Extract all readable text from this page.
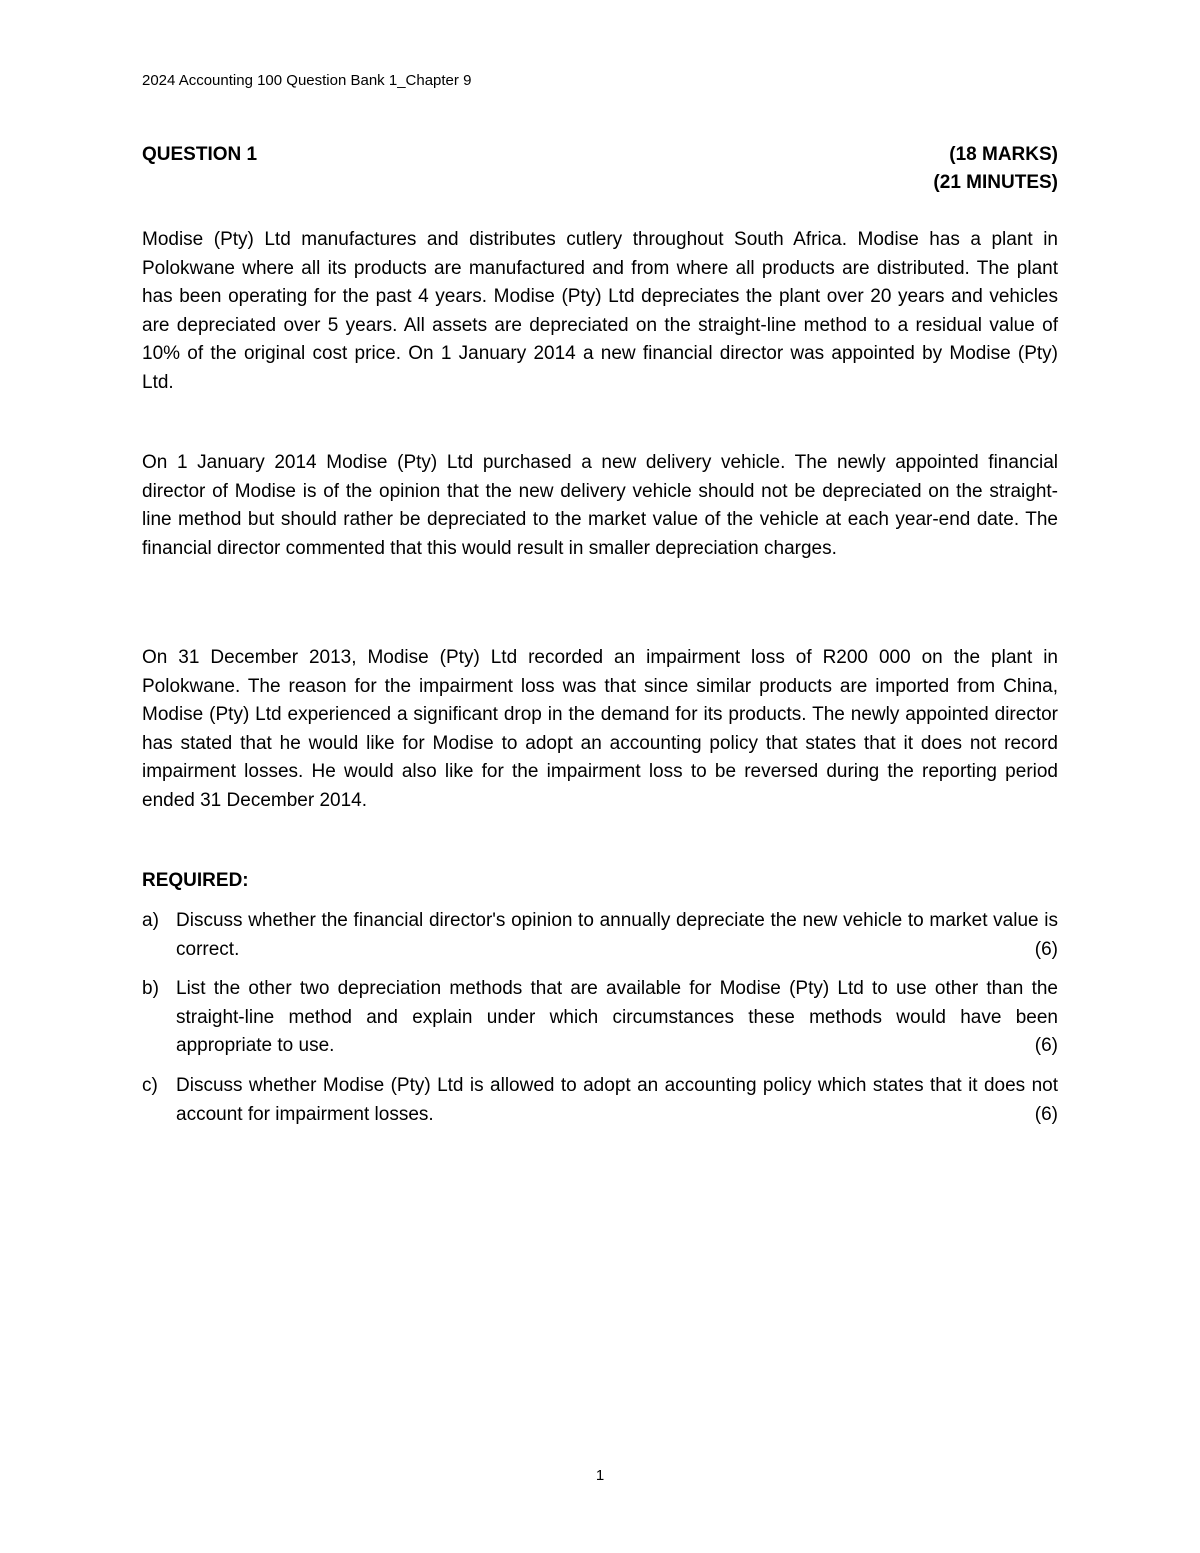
2024 Accounting 100 Question Bank 1_Chapter 9
QUESTION 1	(18 MARKS)
(21 MINUTES)

Modise (Pty) Ltd manufactures and distributes cutlery throughout South Africa. Modise has a plant in Polokwane where all its products are manufactured and from where all products are distributed. The plant has been operating for the past 4 years. Modise (Pty) Ltd depreciates the plant over 20 years and vehicles are depreciated over 5 years. All assets are depreciated on the straight-line method to a residual value of 10% of the original cost price. On 1 January 2014 a new financial director was appointed by Modise (Pty) Ltd.

On 1 January 2014 Modise (Pty) Ltd purchased a new delivery vehicle. The newly appointed financial director of Modise is of the opinion that the new delivery vehicle should not be depreciated on the straight-line method but should rather be depreciated to the market value of the vehicle at each year-end date. The financial director commented that this would result in smaller depreciation charges.

On 31 December 2013, Modise (Pty) Ltd recorded an impairment loss of R200 000 on the plant in Polokwane. The reason for the impairment loss was that since similar products are imported from China, Modise (Pty) Ltd experienced a significant drop in the demand for its products. The newly appointed director has stated that he would like for Modise to adopt an accounting policy that states that it does not record impairment losses. He would also like for the impairment loss to be reversed during the reporting period ended 31 December 2014.

REQUIRED:
a) Discuss whether the financial director's opinion to annually depreciate the new vehicle to market value is correct.	(6)
b) List the other two depreciation methods that are available for Modise (Pty) Ltd to use other than the straight-line method and explain under which circumstances these methods would have been appropriate to use.	(6)
c) Discuss whether Modise (Pty) Ltd is allowed to adopt an accounting policy which states that it does not account for impairment losses.	(6)
1
